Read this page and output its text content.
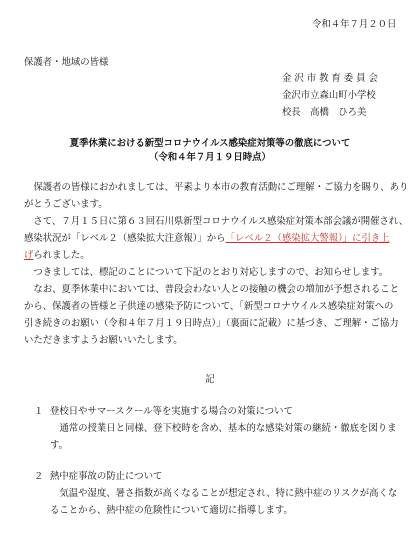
令和４年７月２０日
保護者・地域の皆様
金 沢 市 教 育 委 員 会
金沢市立森山町小学校
校長　高橋　ひろ美
夏季休業における新型コロナウイルス感染症対策等の徹底について
（令和４年７月１９日時点）
　保護者の皆様におかれましては、平素より本市の教育活動にご理解・ご協力を賜り、あり
がとうございます。
　さて、７月１５日に第６３回石川県新型コロナウイルス感染症対策本部会議が開催され、
感染状況が「レベル２（感染拡大注意報）」から「レベル２（感染拡大警報）」に引き上
げられました。
　つきましては、標記のことについて下記のとおり対応しますので、お知らせします。
　なお、夏季休業中においては、普段会わない人との接触の機会の増加が予想されること
から、保護者の皆様と子供達の感染予防について、「新型コロナウイルス感染症対策への
引き続きのお願い（令和４年７月１９日時点）」（裏面に記載）に基づき、ご理解・ご協力
いただきますようお願いいたします。
記
１ 登校日やサマースクール等を実施する場合の対策について
　通常の授業日と同様、登下校時を含め、基本的な感染対策の継続・徹底を図りま
す。
２ 熱中症事故の防止について
　気温や湿度、暑さ指数が高くなることが想定され、特に熱中症のリスクが高くな
ることから、熱中症の危険性について適切に指導します。
